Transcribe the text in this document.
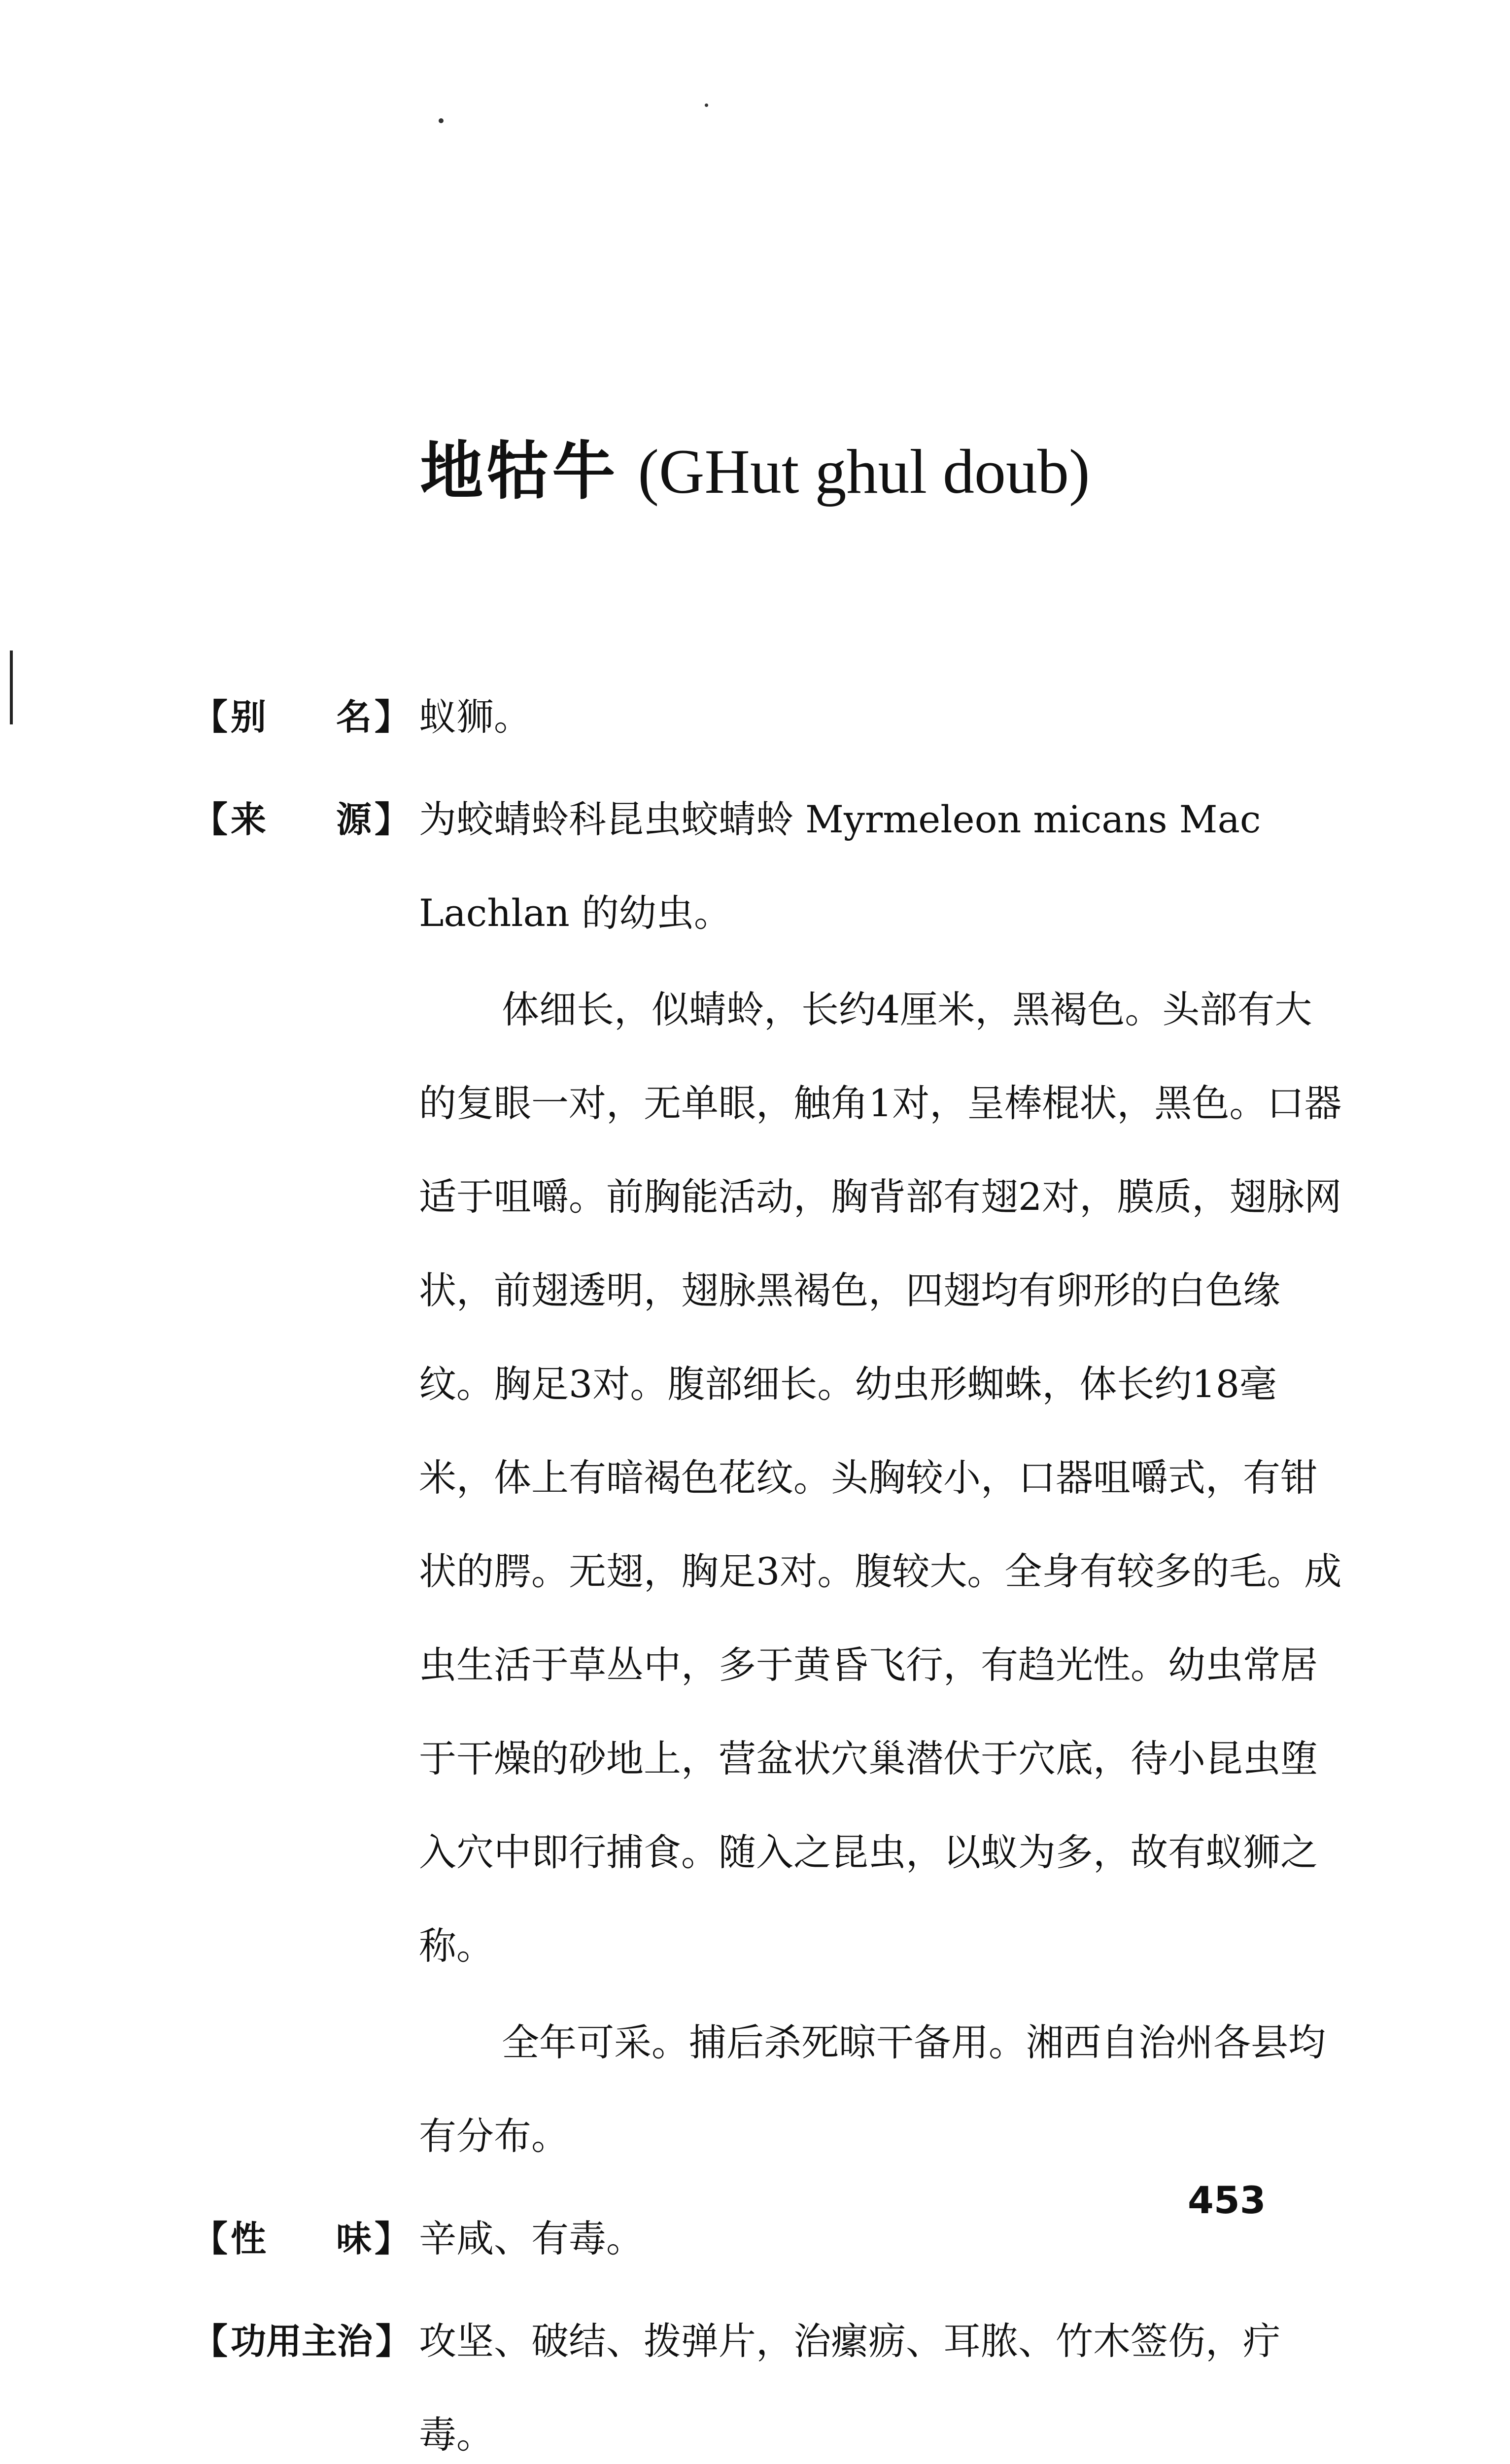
地牯牛 (GHut ghul doub)
【 别 名 】 蚁狮。

【 来 源 】 为蛟蜻蛉科昆虫蛟蜻蛉 Myrmeleon micans Mac Lachlan 的幼虫。

体细长，似蜻蛉，长约4厘米，黑褐色。头部有大的复眼一对，无单眼，触角1对，呈棒棍状，黑色。口器适于咀嚼。前胸能活动，胸背部有翅2对，膜质，翅脉网状，前翅透明，翅脉黑褐色，四翅均有卵形的白色缘纹。胸足3对。腹部细长。幼虫形蜘蛛，体长约18毫米，体上有暗褐色花纹。头胸较小，口器咀嚼式，有钳状的腭。无翅，胸足3对。腹较大。全身有较多的毛。成虫生活于草丛中，多于黄昏飞行，有趋光性。幼虫常居于干燥的砂地上，营盆状穴巢潜伏于穴底，待小昆虫堕入穴中即行捕食。随入之昆虫，以蚁为多，故有蚁狮之称。

全年可采。捕后杀死晾干备用。湘西自治州各县均有分布。

【 性 味 】 辛咸、有毒。

【 功用主治 】 攻坚、破结、拨弹片，治瘰疬、耳脓、竹木签伤，疔毒。

453
